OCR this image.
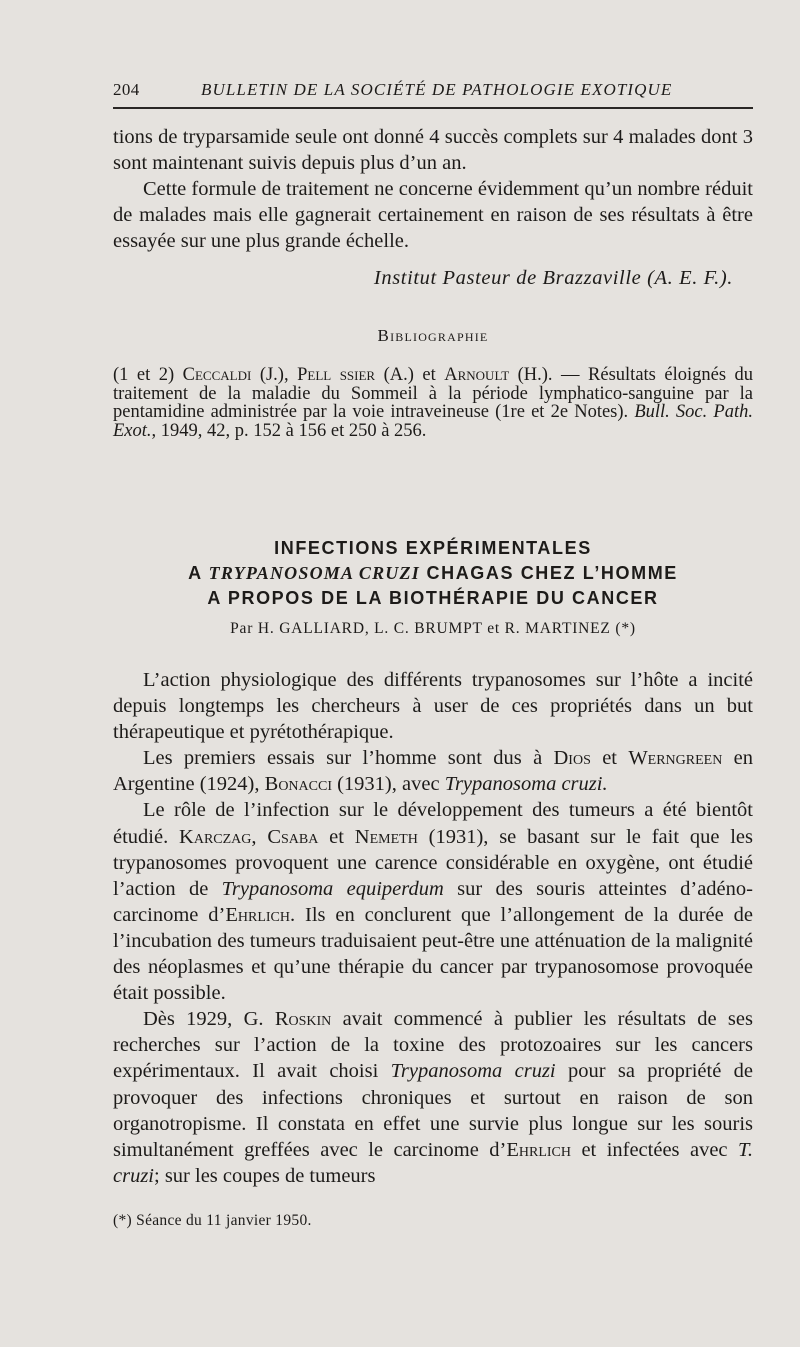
204	BULLETIN DE LA SOCIÉTÉ DE PATHOLOGIE EXOTIQUE

tions de tryparsamide seule ont donné 4 succès complets sur 4 malades dont 3 sont maintenant suivis depuis plus d’un an.

Cette formule de traitement ne concerne évidemment qu’un nombre réduit de malades mais elle gagnerait certainement en raison de ses résultats à être essayée sur une plus grande échelle.

Institut Pasteur de Brazzaville (A. E. F.).
Bibliographie

(1 et 2) Ceccaldi (J.), Pell ssier (A.) et Arnoult (H.). — Résultats éloignés du traitement de la maladie du Sommeil à la période lymphatico-sanguine par la pentamidine administrée par la voie intraveineuse (1re et 2e Notes). Bull. Soc. Path. Exot., 1949, 42, p. 152 à 156 et 250 à 256.

INFECTIONS EXPÉRIMENTALES
A TRYPANOSOMA CRUZI CHAGAS CHEZ L’HOMME
A PROPOS DE LA BIOTHÉRAPIE DU CANCER
Par H. GALLIARD, L. C. BRUMPT et R. MARTINEZ (*)

L’action physiologique des différents trypanosomes sur l’hôte a incité depuis longtemps les chercheurs à user de ces propriétés dans un but thérapeutique et pyrétothérapique.

Les premiers essais sur l’homme sont dus à Dios et Werngreen en Argentine (1924), Bonacci (1931), avec Trypanosoma cruzi.

Le rôle de l’infection sur le développement des tumeurs a été bientôt étudié. Karczag, Csaba et Nemeth (1931), se basant sur le fait que les trypanosomes provoquent une carence considérable en oxygène, ont étudié l’action de Trypanosoma equiperdum sur des souris atteintes d’adéno-carcinome d’Ehrlich. Ils en conclurent que l’allongement de la durée de l’incubation des tumeurs traduisaient peut-être une atténuation de la malignité des néoplasmes et qu’une thérapie du cancer par trypanosomose provoquée était possible.

Dès 1929, G. Roskin avait commencé à publier les résultats de ses recherches sur l’action de la toxine des protozoaires sur les cancers expérimentaux. Il avait choisi Trypanosoma cruzi pour sa propriété de provoquer des infections chroniques et surtout en raison de son organotropisme. Il constata en effet une survie plus longue sur les souris simultanément greffées avec le carcinome d’Ehrlich et infectées avec T. cruzi; sur les coupes de tumeurs

(*) Séance du 11 janvier 1950.
